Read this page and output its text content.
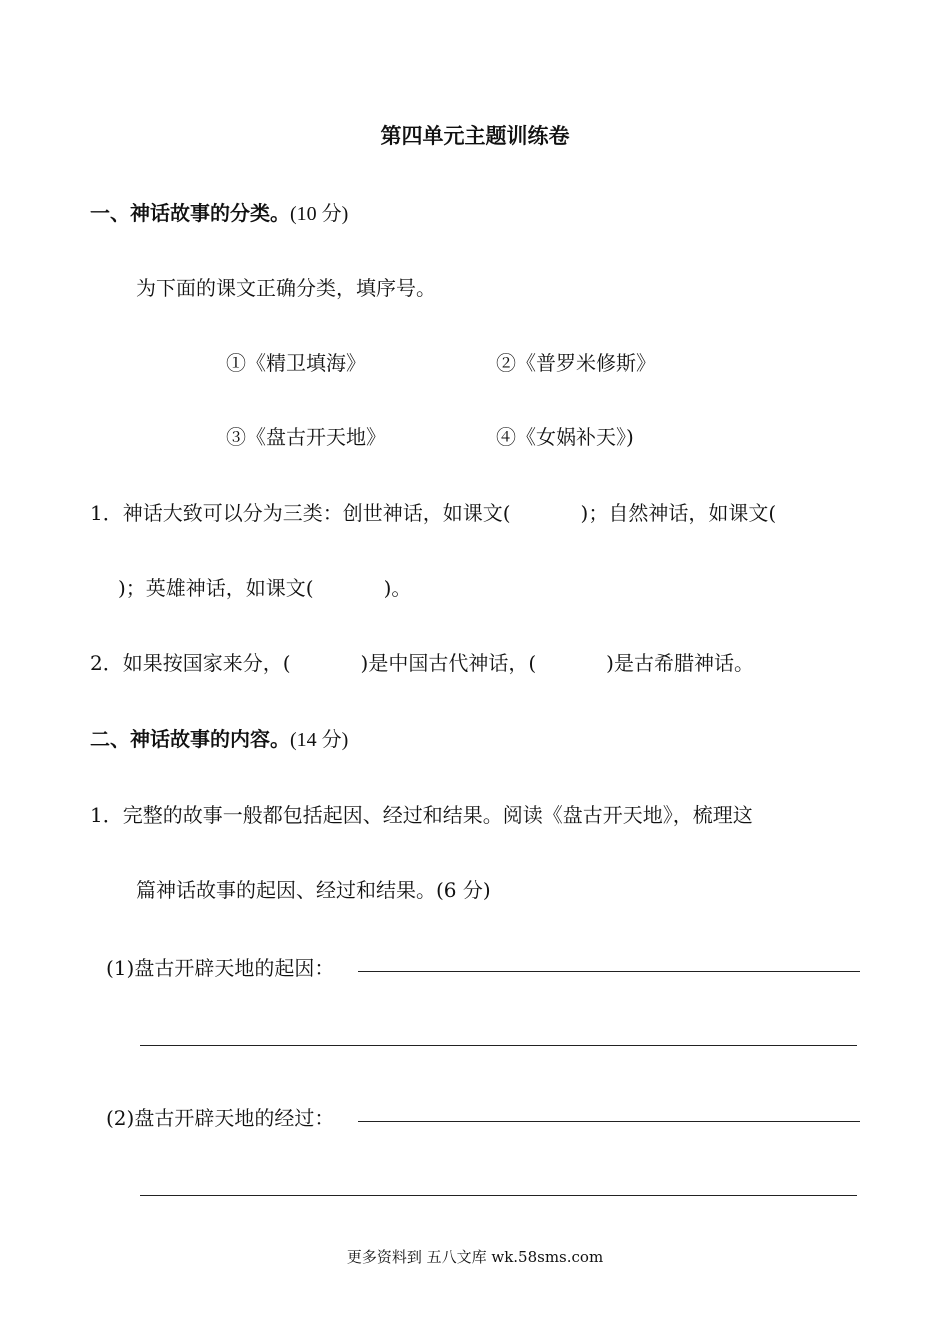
第四单元主题训练卷
一、神话故事的分类。(10 分)
为下面的课文正确分类，填序号。
①《精卫填海》	②《普罗米修斯》
③《盘古开天地》	④《女娲补天》)
1．神话大致可以分为三类：创世神话，如课文(	)；自然神话，如课文(
)；英雄神话，如课文(	)。
2．如果按国家来分，(	)是中国古代神话，(	)是古希腊神话。
二、神话故事的内容。(14 分)
1．完整的故事一般都包括起因、经过和结果。阅读《盘古开天地》，梳理这
篇神话故事的起因、经过和结果。(6 分)
(1)盘古开辟天地的起因：
(2)盘古开辟天地的经过：
更多资料到 五八文库 wk.58sms.com
